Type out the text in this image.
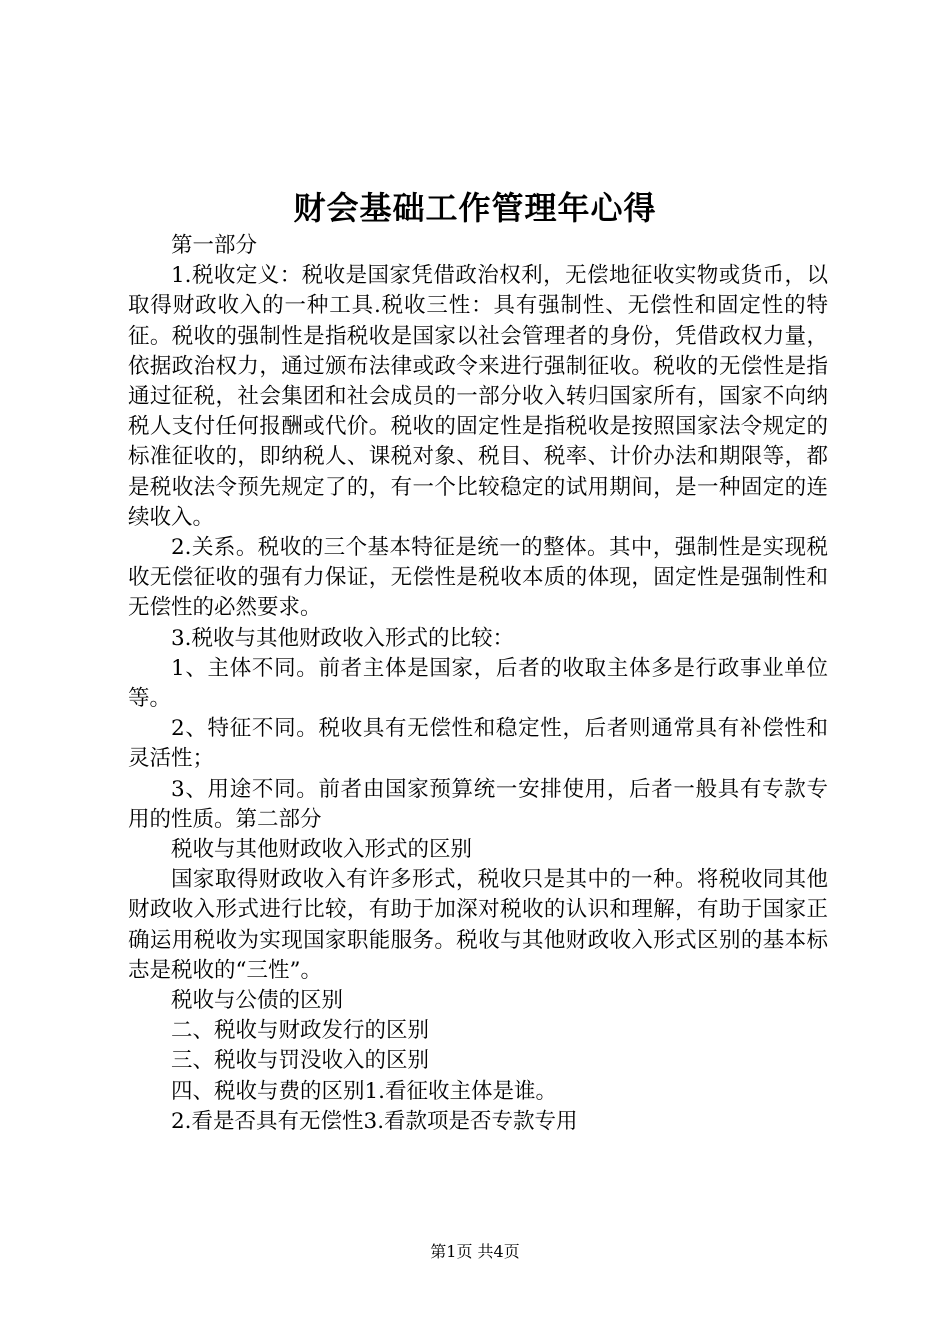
财会基础工作管理年心得

第一部分

1.税收定义：税收是国家凭借政治权利，无偿地征收实物或货币，以取得财政收入的一种工具.税收三性：具有强制性、无偿性和固定性的特征。税收的强制性是指税收是国家以社会管理者的身份，凭借政权力量，依据政治权力，通过颁布法律或政令来进行强制征收。税收的无偿性是指通过征税，社会集团和社会成员的一部分收入转归国家所有，国家不向纳税人支付任何报酬或代价。税收的固定性是指税收是按照国家法令规定的标准征收的，即纳税人、课税对象、税目、税率、计价办法和期限等，都是税收法令预先规定了的，有一个比较稳定的试用期间，是一种固定的连续收入。

2.关系。税收的三个基本特征是统一的整体。其中，强制性是实现税收无偿征收的强有力保证，无偿性是税收本质的体现，固定性是强制性和无偿性的必然要求。

3.税收与其他财政收入形式的比较：

1、主体不同。前者主体是国家，后者的收取主体多是行政事业单位等。

2、特征不同。税收具有无偿性和稳定性，后者则通常具有补偿性和灵活性；

3、用途不同。前者由国家预算统一安排使用，后者一般具有专款专用的性质。第二部分

税收与其他财政收入形式的区别

国家取得财政收入有许多形式，税收只是其中的一种。将税收同其他财政收入形式进行比较，有助于加深对税收的认识和理解，有助于国家正确运用税收为实现国家职能服务。税收与其他财政收入形式区别的基本标志是税收的“三性”。

税收与公债的区别

二、税收与财政发行的区别

三、税收与罚没收入的区别

四、税收与费的区别1.看征收主体是谁。

2.看是否具有无偿性3.看款项是否专款专用

第1页 共4页
